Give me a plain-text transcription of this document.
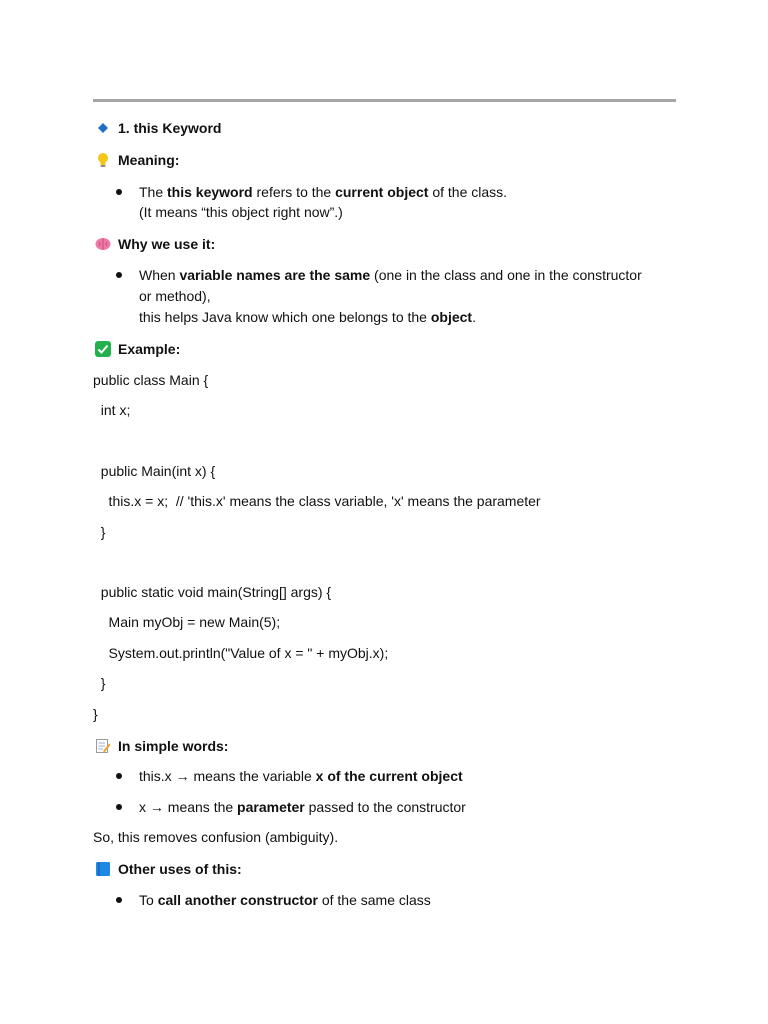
1. this Keyword
Meaning:
The this keyword refers to the current object of the class.
(It means “this object right now”.)
Why we use it:
When variable names are the same (one in the class and one in the constructor
or method),
this helps Java know which one belongs to the object.
Example:
public class Main {
int x;
public Main(int x) {
this.x = x;  // 'this.x' means the class variable, 'x' means the parameter
}
public static void main(String[] args) {
Main myObj = new Main(5);
System.out.println("Value of x = " + myObj.x);
}
}
In simple words:
this.x → means the variable x of the current object
x → means the parameter passed to the constructor
So, this removes confusion (ambiguity).
Other uses of this:
To call another constructor of the same class
